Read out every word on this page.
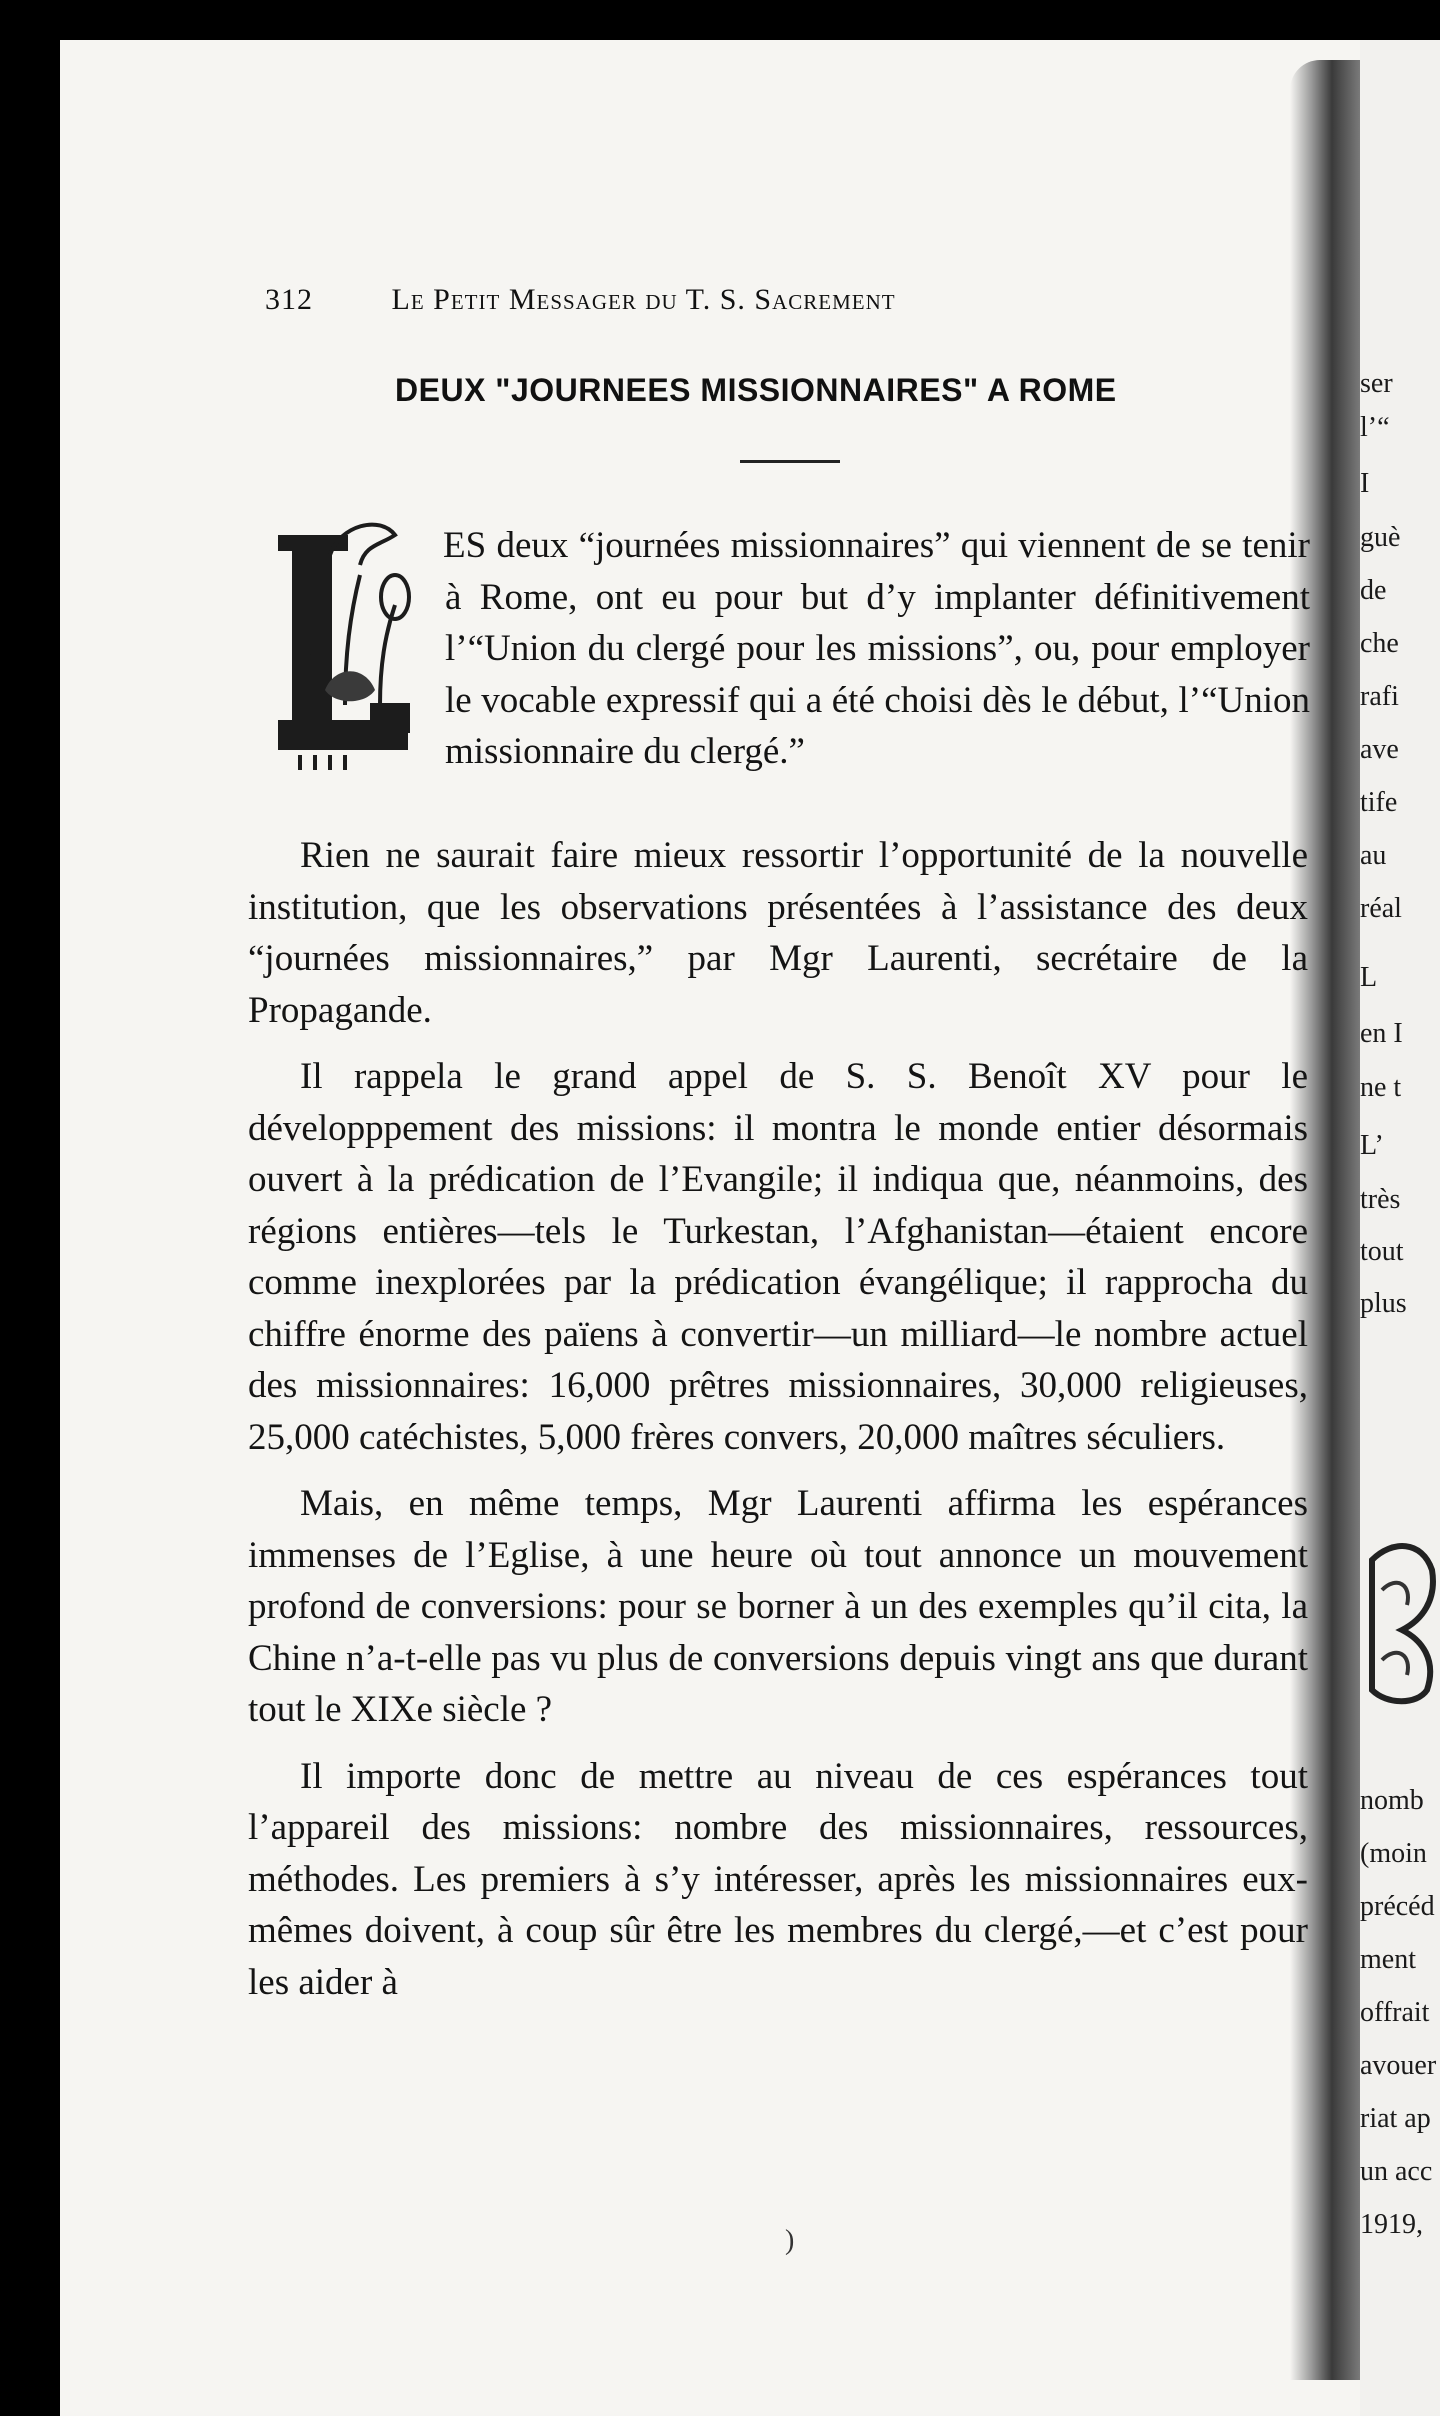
ser
l’“
I
guè
de
che
rafi
ave
tife
au
réal
L
en I
ne t
L’
très
tout
plus
nomb
(moin
précéd
ment
offrait
avouer
riat ap
un acc
1919,
312	Le Petit Messager du T. S. Sacrement
DEUX "JOURNEES MISSIONNAIRES" A ROME
L
ES deux “journées missionnaires” qui viennent de se tenir à Rome, ont eu pour but d’y implanter définitivement l’“Union du clergé pour les missions”, ou, pour employer le vocable expressif qui a été choisi dès le début, l’“Union missionnaire du clergé.”

Rien ne saurait faire mieux ressortir l’opportunité de la nouvelle institution, que les observations présentées à l’assistance des deux “journées missionnaires,” par Mgr Laurenti, secrétaire de la Propagande.

Il rappela le grand appel de S. S. Benoît XV pour le développpement des missions: il montra le monde entier désormais ouvert à la prédication de l’Evangile; il indiqua que, néanmoins, des régions entières—tels le Turkestan, l’Afghanistan—étaient encore comme inexplorées par la prédication évangélique; il rapprocha du chiffre énorme des païens à convertir—un milliard—le nombre actuel des missionnaires: 16,000 prêtres missionnaires, 30,000 religieuses, 25,000 catéchistes, 5,000 frères convers, 20,000 maîtres séculiers.

Mais, en même temps, Mgr Laurenti affirma les espérances immenses de l’Eglise, à une heure où tout annonce un mouvement profond de conversions: pour se borner à un des exemples qu’il cita, la Chine n’a-t-elle pas vu plus de conversions depuis vingt ans que durant tout le XIXe siècle ?

Il importe donc de mettre au niveau de ces espérances tout l’appareil des missions: nombre des missionnaires, ressources, méthodes. Les premiers à s’y intéresser, après les missionnaires eux-mêmes doivent, à coup sûr être les membres du clergé,—et c’est pour les aider à

)
